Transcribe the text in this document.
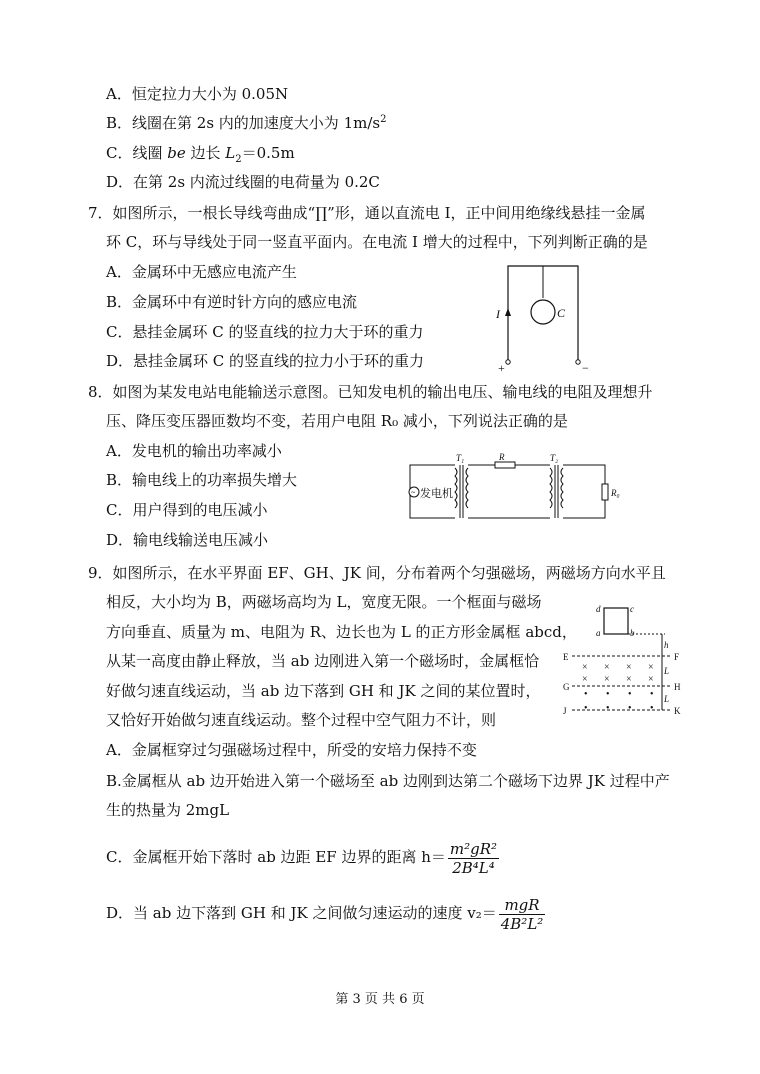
A．恒定拉力大小为 0.05N
B．线圈在第 2s 内的加速度大小为 $1m/s^2$
C．线圈 be 边长 $L_2=0.5m$
D．在第 2s 内流过线圈的电荷量为 0.2C
7．如图所示，一根长导线弯曲成“∏”形，通以直流电 I，正中间用绝缘线悬挂一金属
环 C，环与导线处于同一竖直平面内。在电流 I 增大的过程中，下列判断正确的是
A．金属环中无感应电流产生
B．金属环中有逆时针方向的感应电流
C．悬挂金属环 C 的竖直线的拉力大于环的重力
D．悬挂金属环 C 的竖直线的拉力小于环的重力
I	C
+	−
8．如图为某发电站电能输送示意图。已知发电机的输出电压、输电线的电阻及理想升
压、降压变压器匝数均不变，若用户电阻 R₀ 减小，下列说法正确的是
A．发电机的输出功率减小
B．输电线上的功率损失增大
C．用户得到的电压减小
D．输电线输送电压减小
~ 发电机
T₁	R	T₂
R₀
9．如图所示，在水平界面 EF、GH、JK 间，分布着两个匀强磁场，两磁场方向水平且
相反，大小均为 B，两磁场高均为 L，宽度无限。一个框面与磁场
方向垂直、质量为 m、电阻为 R、边长也为 L 的正方形金属框 abcd，
从某一高度由静止释放，当 ab 边刚进入第一个磁场时，金属框恰
好做匀速直线运动，当 ab 边下落到 GH 和 JK 之间的某位置时，
又恰好开始做匀速直线运动。整个过程中空气阻力不计，则
A．金属框穿过匀强磁场过程中，所受的安培力保持不变
B.金属框从 ab 边开始进入第一个磁场至 ab 边刚到达第二个磁场下边界 JK 过程中产
生的热量为 2mgL
C．金属框开始下落时 ab 边距 EF 边界的距离 $h= \frac{\text{m²gR²}}{\text{2B⁴L⁴}}$
D．当 ab 边下落到 GH 和 JK 之间做匀速运动的速度 $v_2= \frac{\text{mgR}}{\text{4B²L²}}$
d	c
a	b
h
E	F
× × × ×
× × × ×
L
G	H
• • • •
• • • •
L
J	K
第 3 页 共 6 页
